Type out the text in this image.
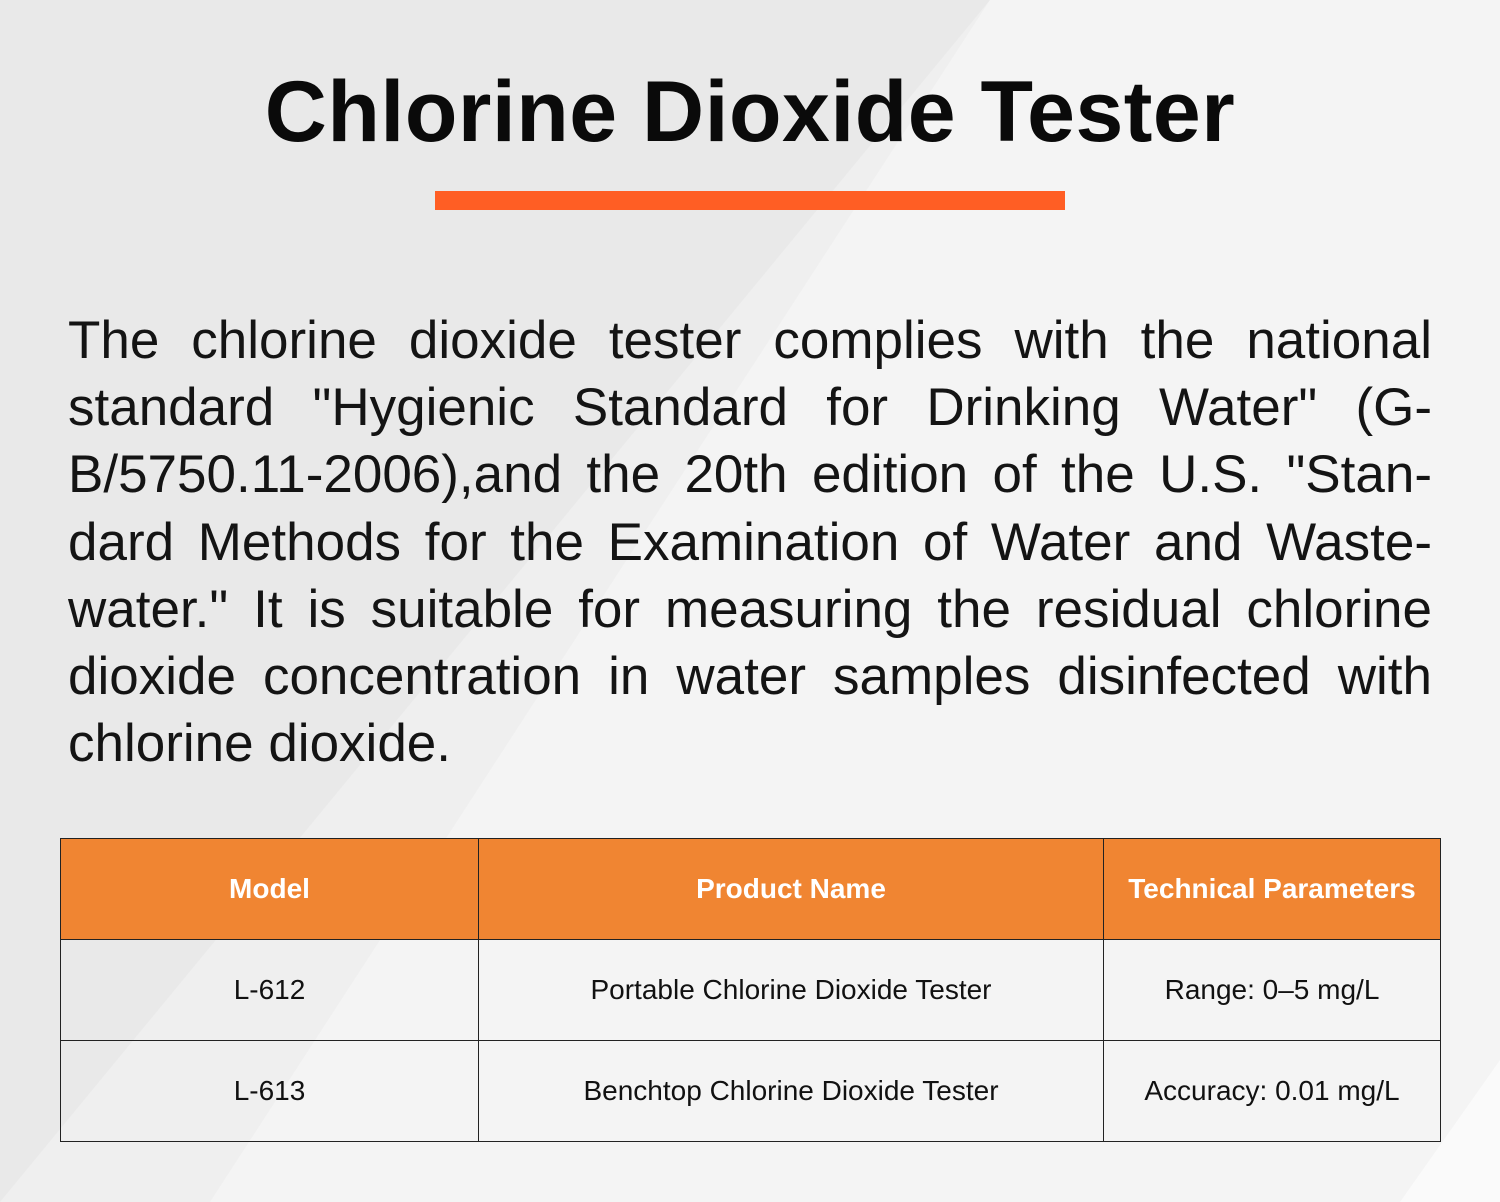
Chlorine Dioxide Tester

The chlorine dioxide tester complies with the national standard "Hygienic Standard for Drinking Water" (G-B/5750.11-2006),and the 20th edition of the U.S. "Stan-dard Methods for the Examination of Water and Waste-water." It is suitable for measuring the residual chlorine dioxide concentration in water samples disinfected with chlorine dioxide.

Model	Product Name	Technical Parameters
L-612	Portable Chlorine Dioxide Tester	Range: 0–5 mg/L
L-613	Benchtop Chlorine Dioxide Tester	Accuracy: 0.01 mg/L
